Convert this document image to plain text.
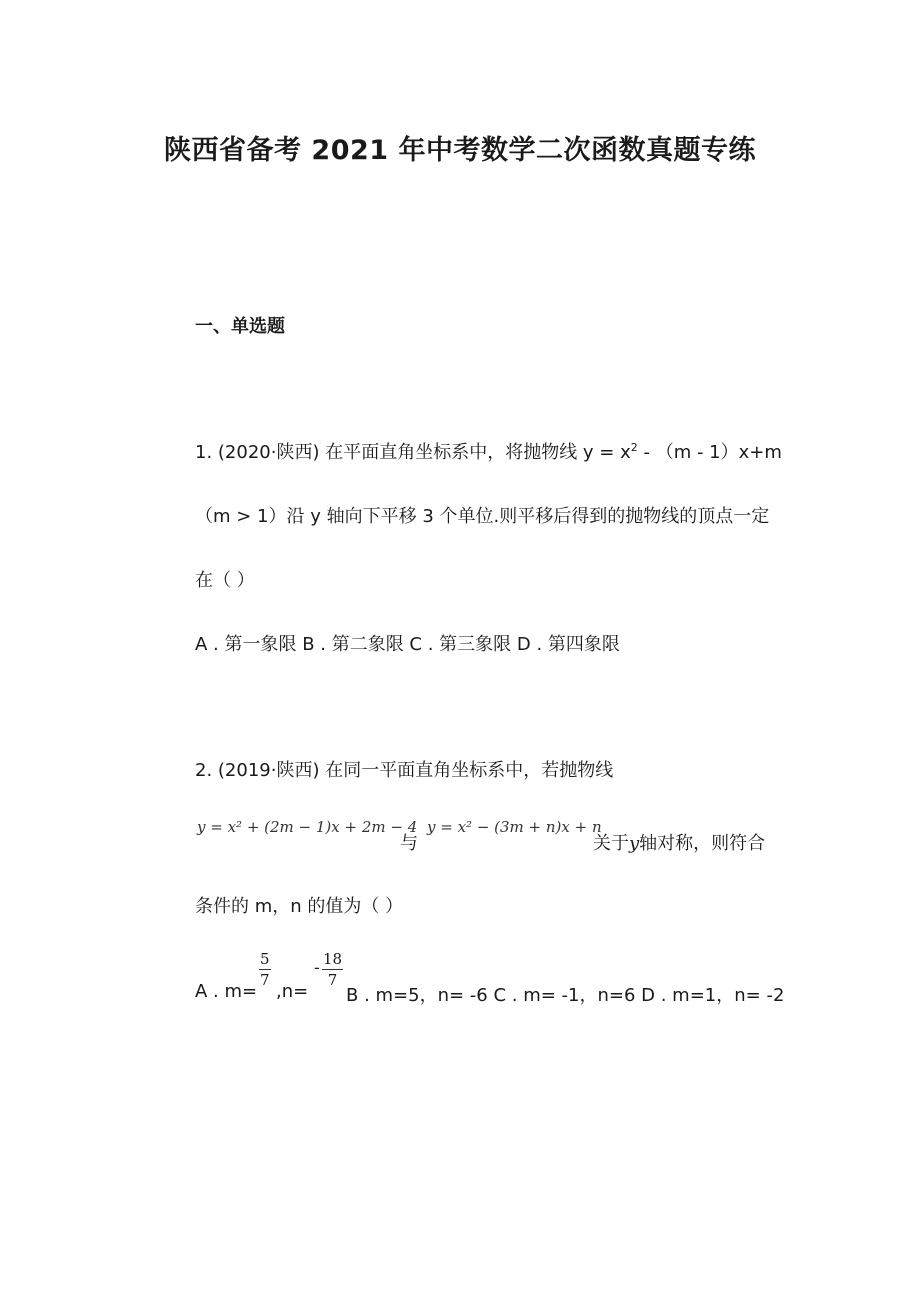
陕西省备考 2021 年中考数学二次函数真题专练
一、单选题
1. (2020·陕西) 在平面直角坐标系中，将抛物线 $y = x^2 - (m - 1)x+m$
（m > 1）沿 y 轴向下平移 3 个单位.则平移后得到的抛物线的顶点一定
在（ ）
A . 第一象限 B . 第二象限 C . 第三象限 D . 第四象限
2. (2019·陕西) 在同一平面直角坐标系中，若抛物线
y = x² + (2m − 1)x + 2m − 4
与
y = x² − (3m + n)x + n
关于y轴对称，则符合
条件的 m，n 的值为（ ）
A . m=
5
7
,n=
- 18
7
B . m=5，n= -6 C . m= -1，n=6 D . m=1，n= -2
